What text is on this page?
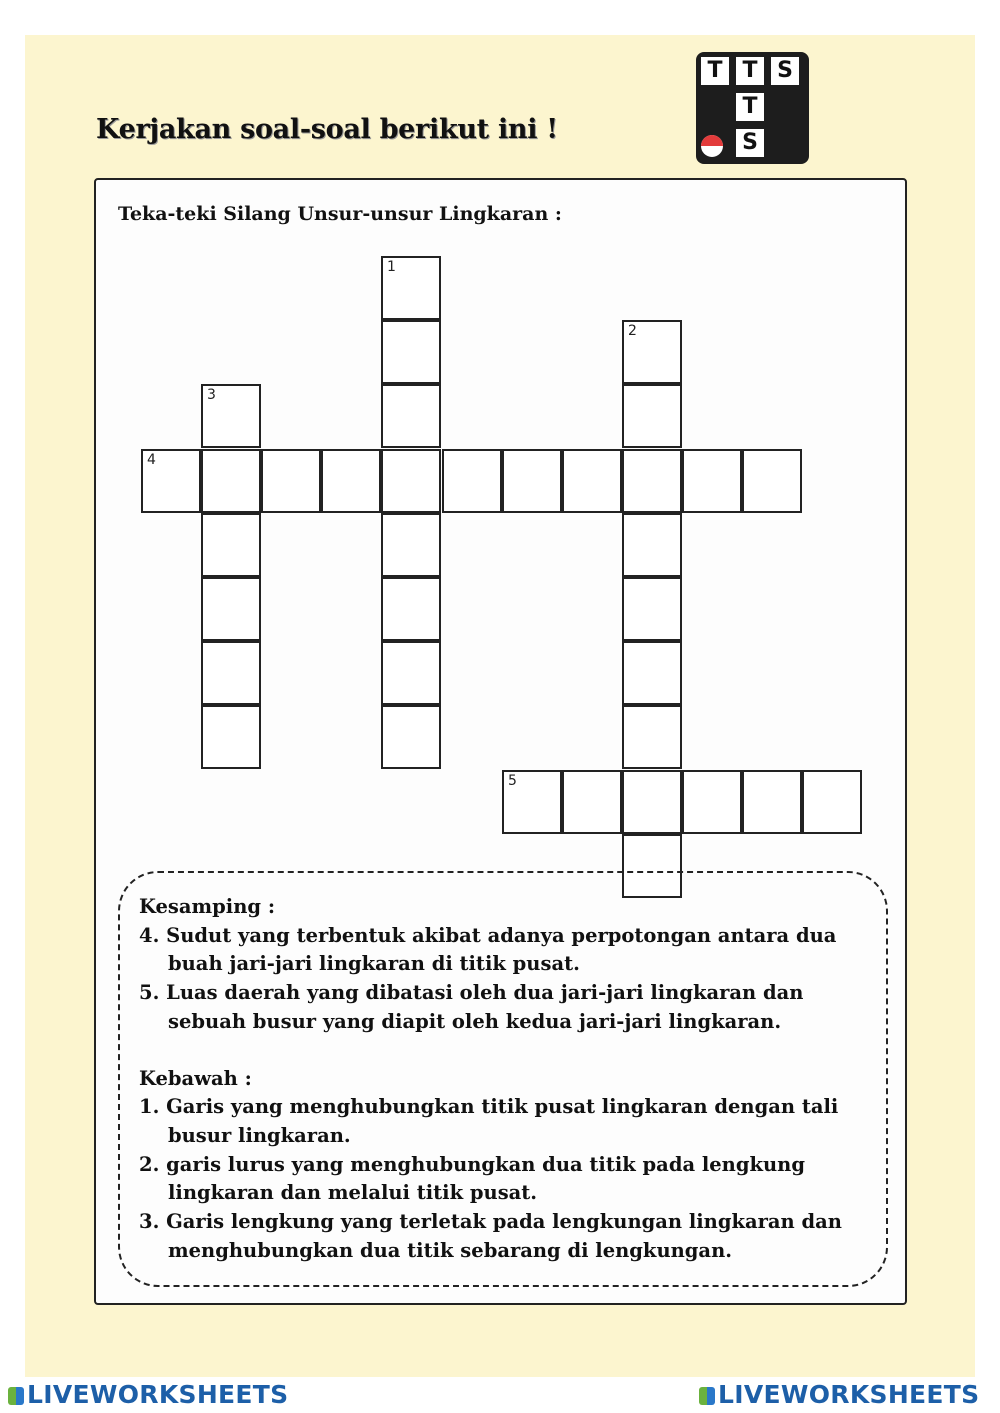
Kerjakan soal-soal berikut ini !
T T S
T
S
Teka-teki Silang Unsur-unsur Lingkaran :
1
2
3
4
5
Kesamping :
4. Sudut yang terbentuk akibat adanya perpotongan antara dua buah jari-jari lingkaran di titik pusat.
5. Luas daerah yang dibatasi oleh dua jari-jari lingkaran dan sebuah busur yang diapit oleh kedua jari-jari lingkaran.
Kebawah :
1. Garis yang menghubungkan titik pusat lingkaran dengan tali busur lingkaran.
2. garis lurus yang menghubungkan dua titik pada lengkung lingkaran dan melalui titik pusat.
3. Garis lengkung yang terletak pada lengkungan lingkaran dan menghubungkan dua titik sebarang di lengkungan.
LIVEWORKSHEETS	LIVEWORKSHEETS
